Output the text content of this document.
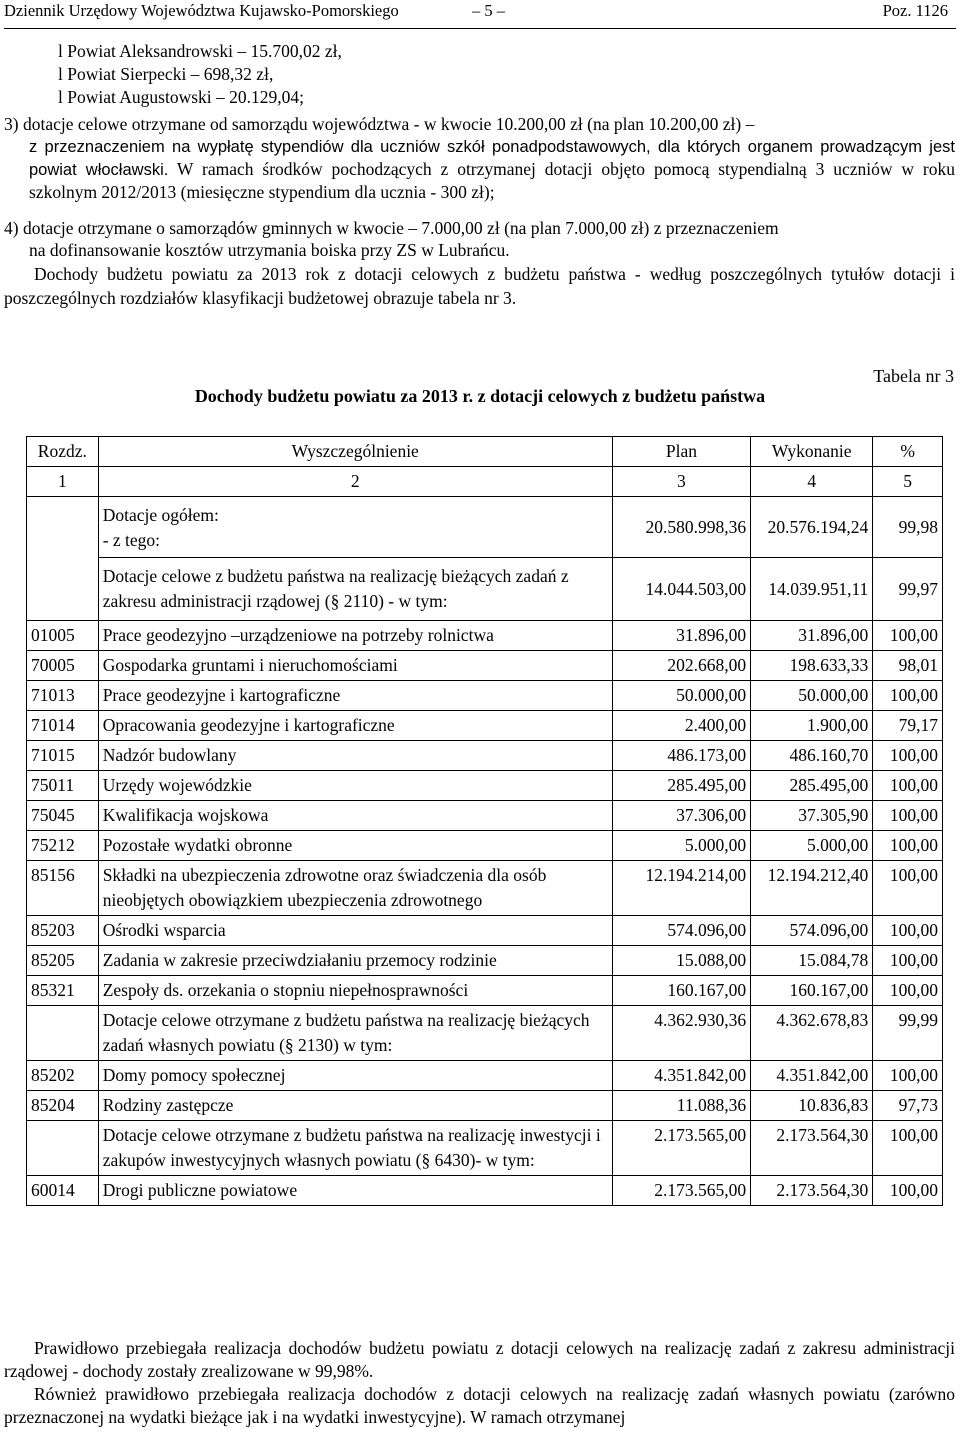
Dziennik Urzędowy Województwa Kujawsko-Pomorskiego	– 5 –	Poz. 1126
l Powiat Aleksandrowski – 15.700,02 zł,
l Powiat Sierpecki – 698,32 zł,
l Powiat Augustowski – 20.129,04;
3) dotacje celowe otrzymane od samorządu województwa - w kwocie 10.200,00 zł (na plan 10.200,00 zł) –
z przeznaczeniem na wypłatę stypendiów dla uczniów szkół ponadpodstawowych, dla których organem prowadzącym jest powiat włocławski. W ramach środków pochodzących z otrzymanej dotacji objęto pomocą stypendialną 3 uczniów w roku szkolnym 2012/2013 (miesięczne stypendium dla ucznia - 300 zł);
4) dotacje otrzymane o samorządów gminnych w kwocie – 7.000,00 zł (na plan 7.000,00 zł) z przeznaczeniem
na dofinansowanie kosztów utrzymania boiska przy ZS w Lubrańcu.

Dochody budżetu powiatu za 2013 rok z dotacji celowych z budżetu państwa - według poszczególnych tytułów dotacji i poszczególnych rozdziałów klasyfikacji budżetowej obrazuje tabela nr 3.

Tabela nr 3
Dochody budżetu powiatu za 2013 r. z dotacji celowych z budżetu państwa
Rozdz.	Wyszczególnienie	Plan	Wykonanie	%
1	2	3	4	5

	Dotacje ogółem:
- z tego:	20.580.998,36	20.576.194,24	99,98
	Dotacje celowe z budżetu państwa na realizację bieżących zadań z zakresu administracji rządowej (§ 2110) - w tym:	14.044.503,00	14.039.951,11	99,97
01005	Prace geodezyjno –urządzeniowe na potrzeby rolnictwa	31.896,00	31.896,00	100,00
70005	Gospodarka gruntami i nieruchomościami	202.668,00	198.633,33	98,01
71013	Prace geodezyjne i kartograficzne	50.000,00	50.000,00	100,00
71014	Opracowania geodezyjne i kartograficzne	2.400,00	1.900,00	79,17
71015	Nadzór budowlany	486.173,00	486.160,70	100,00
75011	Urzędy wojewódzkie	285.495,00	285.495,00	100,00
75045	Kwalifikacja wojskowa	37.306,00	37.305,90	100,00
75212	Pozostałe wydatki obronne	5.000,00	5.000,00	100,00
85156	Składki na ubezpieczenia zdrowotne oraz świadczenia dla osób nieobjętych obowiązkiem ubezpieczenia zdrowotnego	12.194.214,00	12.194.212,40	100,00
85203	Ośrodki wsparcia	574.096,00	574.096,00	100,00
85205	Zadania w zakresie przeciwdziałaniu przemocy rodzinie	15.088,00	15.084,78	100,00
85321	Zespoły ds. orzekania o stopniu niepełnosprawności	160.167,00	160.167,00	100,00
	Dotacje celowe otrzymane z budżetu państwa na realizację bieżących zadań własnych powiatu (§ 2130) w tym:	4.362.930,36	4.362.678,83	99,99
85202	Domy pomocy społecznej	4.351.842,00	4.351.842,00	100,00
85204	Rodziny zastępcze	11.088,36	10.836,83	97,73
	Dotacje celowe otrzymane z budżetu państwa na realizację inwestycji i zakupów inwestycyjnych własnych powiatu (§ 6430)- w tym:	2.173.565,00	2.173.564,30	100,00
60014	Drogi publiczne powiatowe	2.173.565,00	2.173.564,30	100,00

Prawidłowo przebiegała realizacja dochodów budżetu powiatu z dotacji celowych na realizację zadań z zakresu administracji rządowej - dochody zostały zrealizowane w 99,98%.

Również prawidłowo przebiegała realizacja dochodów z dotacji celowych na realizację zadań własnych powiatu (zarówno przeznaczonej na wydatki bieżące jak i na wydatki inwestycyjne). W ramach otrzymanej
